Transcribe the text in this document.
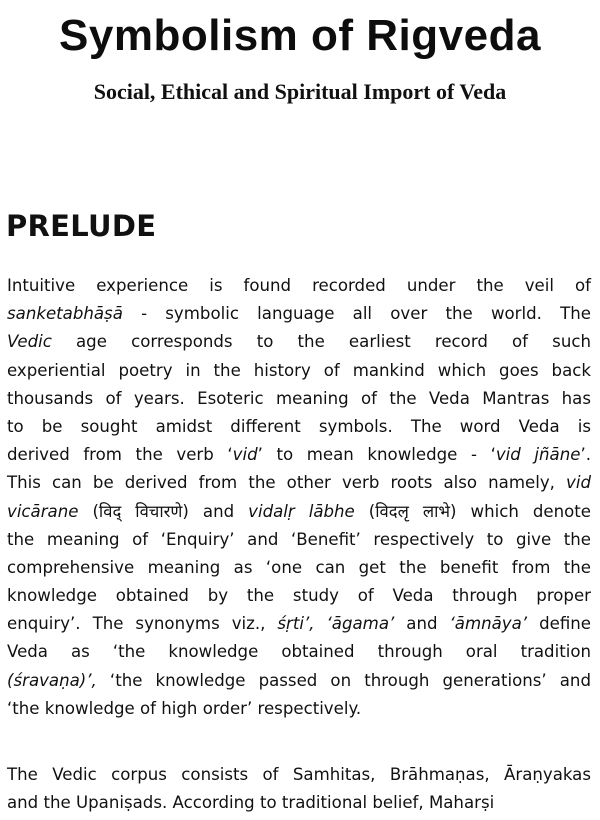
Symbolism of Rigveda
Social, Ethical and Spiritual Import of Veda
PRELUDE

Intuitive experience is found recorded under the veil of
sanketabhāṣā - symbolic language all over the world. The
Vedic age corresponds to the earliest record of such
experiential poetry in the history of mankind which goes back
thousands of years. Esoteric meaning of the Veda Mantras has
to be sought amidst different symbols. The word Veda is
derived from the verb ‘vid’ to mean knowledge - ‘vid jñāne’.
This can be derived from the other verb roots also namely, vid
vicārane (विद् विचारणे) and vidalṛ lābhe (विदलृ लाभे) which denote
the meaning of ‘Enquiry’ and ‘Benefit’ respectively to give the
comprehensive meaning as ‘one can get the benefit from the
knowledge obtained by the study of Veda through proper
enquiry’. The synonyms viz., śṛti’, ‘āgama’ and ‘āmnāya’ define
Veda as ‘the knowledge obtained through oral tradition
(śravaṇa)’, ‘the knowledge passed on through generations’ and
‘the knowledge of high order’ respectively.

The Vedic corpus consists of Samhitas, Brāhmaṇas, Āraṇyakas
and the Upaniṣads. According to traditional belief, Maharṣi
